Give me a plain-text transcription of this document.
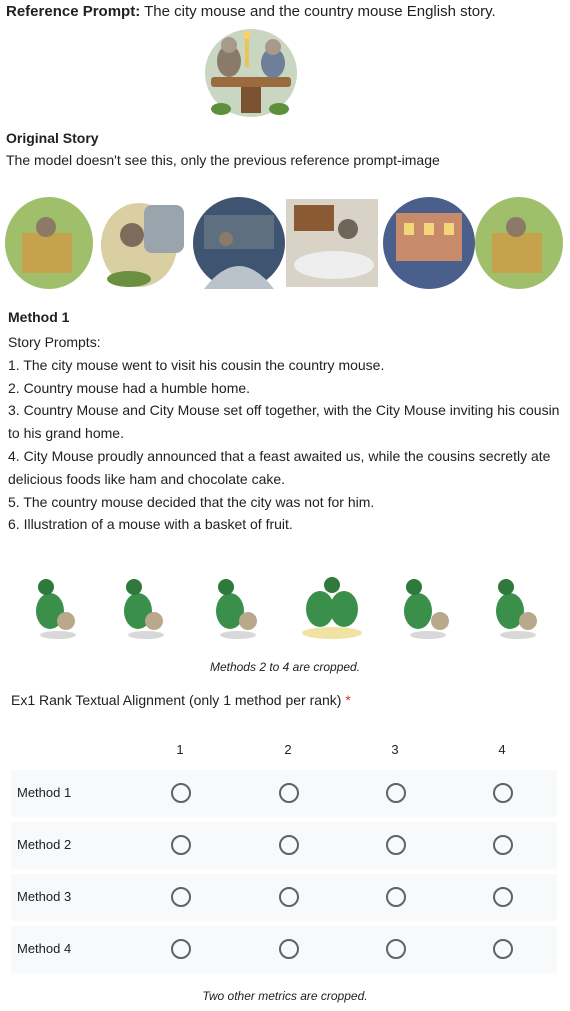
Reference Prompt: The city mouse and the country mouse English story.
Original Story
The model doesn't see this, only the previous reference prompt-image
Method 1
Story Prompts:
1. The city mouse went to visit his cousin the country mouse.
2. Country mouse had a humble home.
3. Country Mouse and City Mouse set off together, with the City Mouse inviting his cousin to his grand home.
4. City Mouse proudly announced that a feast awaited us, while the cousins secretly ate delicious foods like ham and chocolate cake.
5. The country mouse decided that the city was not for him.
6. Illustration of a mouse with a basket of fruit.
Methods 2 to 4 are cropped.
Ex1 Rank Textual Alignment (only 1 method per rank) *
1	2	3	4
Method 1
Method 2
Method 3
Method 4
Two other metrics are cropped.
